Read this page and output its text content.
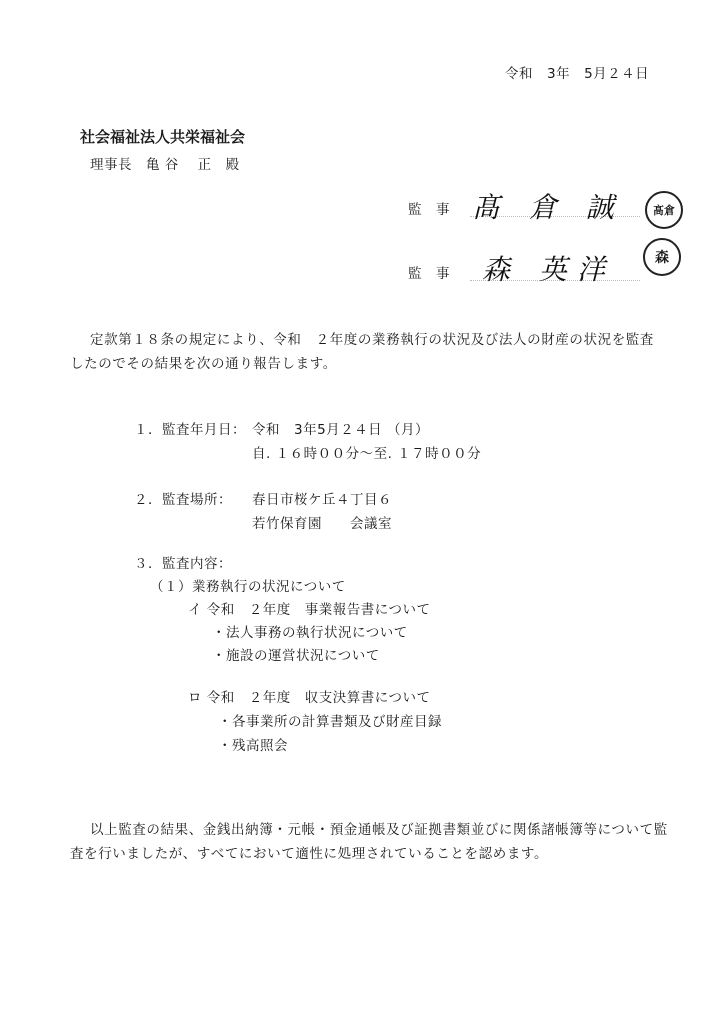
令和　3年　5月２４日
社会福祉法人共栄福祉会
理事長　亀 谷　 正　殿
監　事 髙 倉 誠	髙倉
監　事 森 英洋	森
定款第１８条の規定により、令和　２年度の業務執行の状況及び法人の財産の状況を監査したのでその結果を次の通り報告します。
１．監査年月日： 令和　3年5月２４日 （月）
自. １６時００分～至. １７時００分
２．監査場所： 春日市桜ケ丘４丁目６
若竹保育園　　会議室
３．監査内容：
（１）業務執行の状況について
イ 令和　２年度　事業報告書について
・法人事務の執行状況について
・施設の運営状況について
ロ 令和　２年度　収支決算書について
・各事業所の計算書類及び財産目録
・残高照会
以上監査の結果、金銭出納簿・元帳・預金通帳及び証拠書類並びに関係諸帳簿等について監査を行いましたが、すべてにおいて適性に処理されていることを認めます。
